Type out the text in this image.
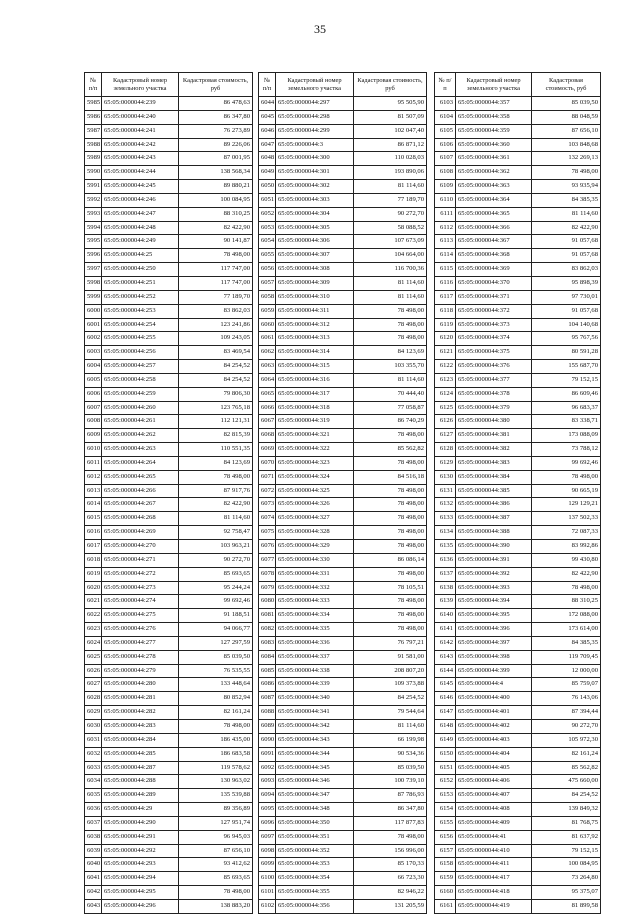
35
№ п/п	Кадастровый номер земельного участка	Кадастровая стоимость, руб
5985	65:05:0000044:239	86 478,63
5986	65:05:0000044:240	86 347,80
5987	65:05:0000044:241	76 273,89
5988	65:05:0000044:242	89 226,06
5989	65:05:0000044:243	87 001,95
5990	65:05:0000044:244	138 568,34
5991	65:05:0000044:245	89 880,21
5992	65:05:0000044:246	100 084,95
5993	65:05:0000044:247	88 310,25
5994	65:05:0000044:248	82 422,90
5995	65:05:0000044:249	90 141,87
5996	65:05:0000044:25	78 498,00
5997	65:05:0000044:250	117 747,00
5998	65:05:0000044:251	117 747,00
5999	65:05:0000044:252	77 189,70
6000	65:05:0000044:253	83 862,03
6001	65:05:0000044:254	123 241,86
6002	65:05:0000044:255	109 243,05
6003	65:05:0000044:256	83 469,54
6004	65:05:0000044:257	84 254,52
6005	65:05:0000044:258	84 254,52
6006	65:05:0000044:259	79 806,30
6007	65:05:0000044:260	123 765,18
6008	65:05:0000044:261	112 121,31
6009	65:05:0000044:262	82 815,39
6010	65:05:0000044:263	110 551,35
6011	65:05:0000044:264	84 123,69
6012	65:05:0000044:265	78 498,00
6013	65:05:0000044:266	87 917,76
6014	65:05:0000044:267	82 422,90
6015	65:05:0000044:268	81 114,60
6016	65:05:0000044:269	92 758,47
6017	65:05:0000044:270	103 963,21
6018	65:05:0000044:271	90 272,70
6019	65:05:0000044:272	85 693,65
6020	65:05:0000044:273	95 244,24
6021	65:05:0000044:274	99 692,46
6022	65:05:0000044:275	91 188,51
6023	65:05:0000044:276	94 066,77
6024	65:05:0000044:277	127 297,59
6025	65:05:0000044:278	85 039,50
6026	65:05:0000044:279	76 535,55
6027	65:05:0000044:280	133 448,64
6028	65:05:0000044:281	80 852,94
6029	65:05:0000044:282	82 161,24
6030	65:05:0000044:283	78 498,00
6031	65:05:0000044:284	186 435,00
6032	65:05:0000044:285	186 683,58
6033	65:05:0000044:287	119 578,62
6034	65:05:0000044:288	130 963,02
6035	65:05:0000044:289	135 539,88
6036	65:05:0000044:29	89 356,89
6037	65:05:0000044:290	127 951,74
6038	65:05:0000044:291	96 945,03
6039	65:05:0000044:292	87 656,10
6040	65:05:0000044:293	93 412,62
6041	65:05:0000044:294	85 693,65
6042	65:05:0000044:295	78 498,00
6043	65:05:0000044:296	138 883,20
№ п/п	Кадастровый номер земельного участка	Кадастровая стоимость, руб
6044	65:05:0000044:297	95 505,90
6045	65:05:0000044:298	81 507,09
6046	65:05:0000044:299	102 047,40
6047	65:05:0000044:3	86 871,12
6048	65:05:0000044:300	110 028,03
6049	65:05:0000044:301	193 890,06
6050	65:05:0000044:302	81 114,60
6051	65:05:0000044:303	77 189,70
6052	65:05:0000044:304	90 272,70
6053	65:05:0000044:305	58 088,52
6054	65:05:0000044:306	107 673,09
6055	65:05:0000044:307	104 664,00
6056	65:05:0000044:308	116 700,36
6057	65:05:0000044:309	81 114,60
6058	65:05:0000044:310	81 114,60
6059	65:05:0000044:311	78 498,00
6060	65:05:0000044:312	78 498,00
6061	65:05:0000044:313	78 498,00
6062	65:05:0000044:314	84 123,69
6063	65:05:0000044:315	103 355,70
6064	65:05:0000044:316	81 114,60
6065	65:05:0000044:317	70 444,40
6066	65:05:0000044:318	77 058,87
6067	65:05:0000044:319	86 740,29
6068	65:05:0000044:321	78 498,00
6069	65:05:0000044:322	85 562,82
6070	65:05:0000044:323	78 498,00
6071	65:05:0000044:324	84 516,18
6072	65:05:0000044:325	78 498,00
6073	65:05:0000044:326	78 498,00
6074	65:05:0000044:327	78 498,00
6075	65:05:0000044:328	78 498,00
6076	65:05:0000044:329	78 498,00
6077	65:05:0000044:330	86 086,14
6078	65:05:0000044:331	78 498,00
6079	65:05:0000044:332	78 105,51
6080	65:05:0000044:333	78 498,00
6081	65:05:0000044:334	78 498,00
6082	65:05:0000044:335	78 498,00
6083	65:05:0000044:336	76 797,21
6084	65:05:0000044:337	91 581,00
6085	65:05:0000044:338	208 807,20
6086	65:05:0000044:339	109 373,88
6087	65:05:0000044:340	84 254,52
6088	65:05:0000044:341	79 544,64
6089	65:05:0000044:342	81 114,60
6090	65:05:0000044:343	66 199,98
6091	65:05:0000044:344	90 534,36
6092	65:05:0000044:345	85 039,50
6093	65:05:0000044:346	100 739,10
6094	65:05:0000044:347	87 786,93
6095	65:05:0000044:348	86 347,80
6096	65:05:0000044:350	117 877,83
6097	65:05:0000044:351	78 498,00
6098	65:05:0000044:352	156 996,00
6099	65:05:0000044:353	85 170,33
6100	65:05:0000044:354	66 723,30
6101	65:05:0000044:355	82 946,22
6102	65:05:0000044:356	131 205,59
№ п/п	Кадастровый номер земельного участка	Кадастровая стоимость, руб
6103	65:05:0000044:357	85 039,50
6104	65:05:0000044:358	88 048,59
6105	65:05:0000044:359	87 656,10
6106	65:05:0000044:360	103 848,68
6107	65:05:0000044:361	132 269,13
6108	65:05:0000044:362	78 498,00
6109	65:05:0000044:363	93 935,94
6110	65:05:0000044:364	84 385,35
6111	65:05:0000044:365	81 114,60
6112	65:05:0000044:366	82 422,90
6113	65:05:0000044:367	91 057,68
6114	65:05:0000044:368	91 057,68
6115	65:05:0000044:369	83 862,03
6116	65:05:0000044:370	95 898,39
6117	65:05:0000044:371	97 730,01
6118	65:05:0000044:372	91 057,68
6119	65:05:0000044:373	104 140,68
6120	65:05:0000044:374	95 767,56
6121	65:05:0000044:375	80 591,28
6122	65:05:0000044:376	155 687,70
6123	65:05:0000044:377	79 152,15
6124	65:05:0000044:378	86 609,46
6125	65:05:0000044:379	96 683,37
6126	65:05:0000044:380	83 338,71
6127	65:05:0000044:381	173 088,09
6128	65:05:0000044:382	73 788,12
6129	65:05:0000044:383	99 692,46
6130	65:05:0000044:384	78 498,00
6131	65:05:0000044:385	90 665,19
6132	65:05:0000044:386	129 129,21
6133	65:05:0000044:387	137 502,33
6134	65:05:0000044:388	72 087,33
6135	65:05:0000044:390	83 992,86
6136	65:05:0000044:391	99 430,80
6137	65:05:0000044:392	82 422,90
6138	65:05:0000044:393	78 498,00
6139	65:05:0000044:394	88 310,25
6140	65:05:0000044:395	172 088,00
6141	65:05:0000044:396	173 614,00
6142	65:05:0000044:397	84 385,35
6143	65:05:0000044:398	119 709,45
6144	65:05:0000044:399	12 000,00
6145	65:05:0000044:4	85 759,07
6146	65:05:0000044:400	76 143,06
6147	65:05:0000044:401	87 394,44
6148	65:05:0000044:402	90 272,70
6149	65:05:0000044:403	105 972,30
6150	65:05:0000044:404	82 161,24
6151	65:05:0000044:405	85 562,82
6152	65:05:0000044:406	475 660,00
6153	65:05:0000044:407	84 254,52
6154	65:05:0000044:408	139 849,32
6155	65:05:0000044:409	81 768,75
6156	65:05:0000044:41	81 637,92
6157	65:05:0000044:410	79 152,15
6158	65:05:0000044:411	100 084,95
6159	65:05:0000044:417	73 264,80
6160	65:05:0000044:418	95 375,07
6161	65:05:0000044:419	81 899,58
